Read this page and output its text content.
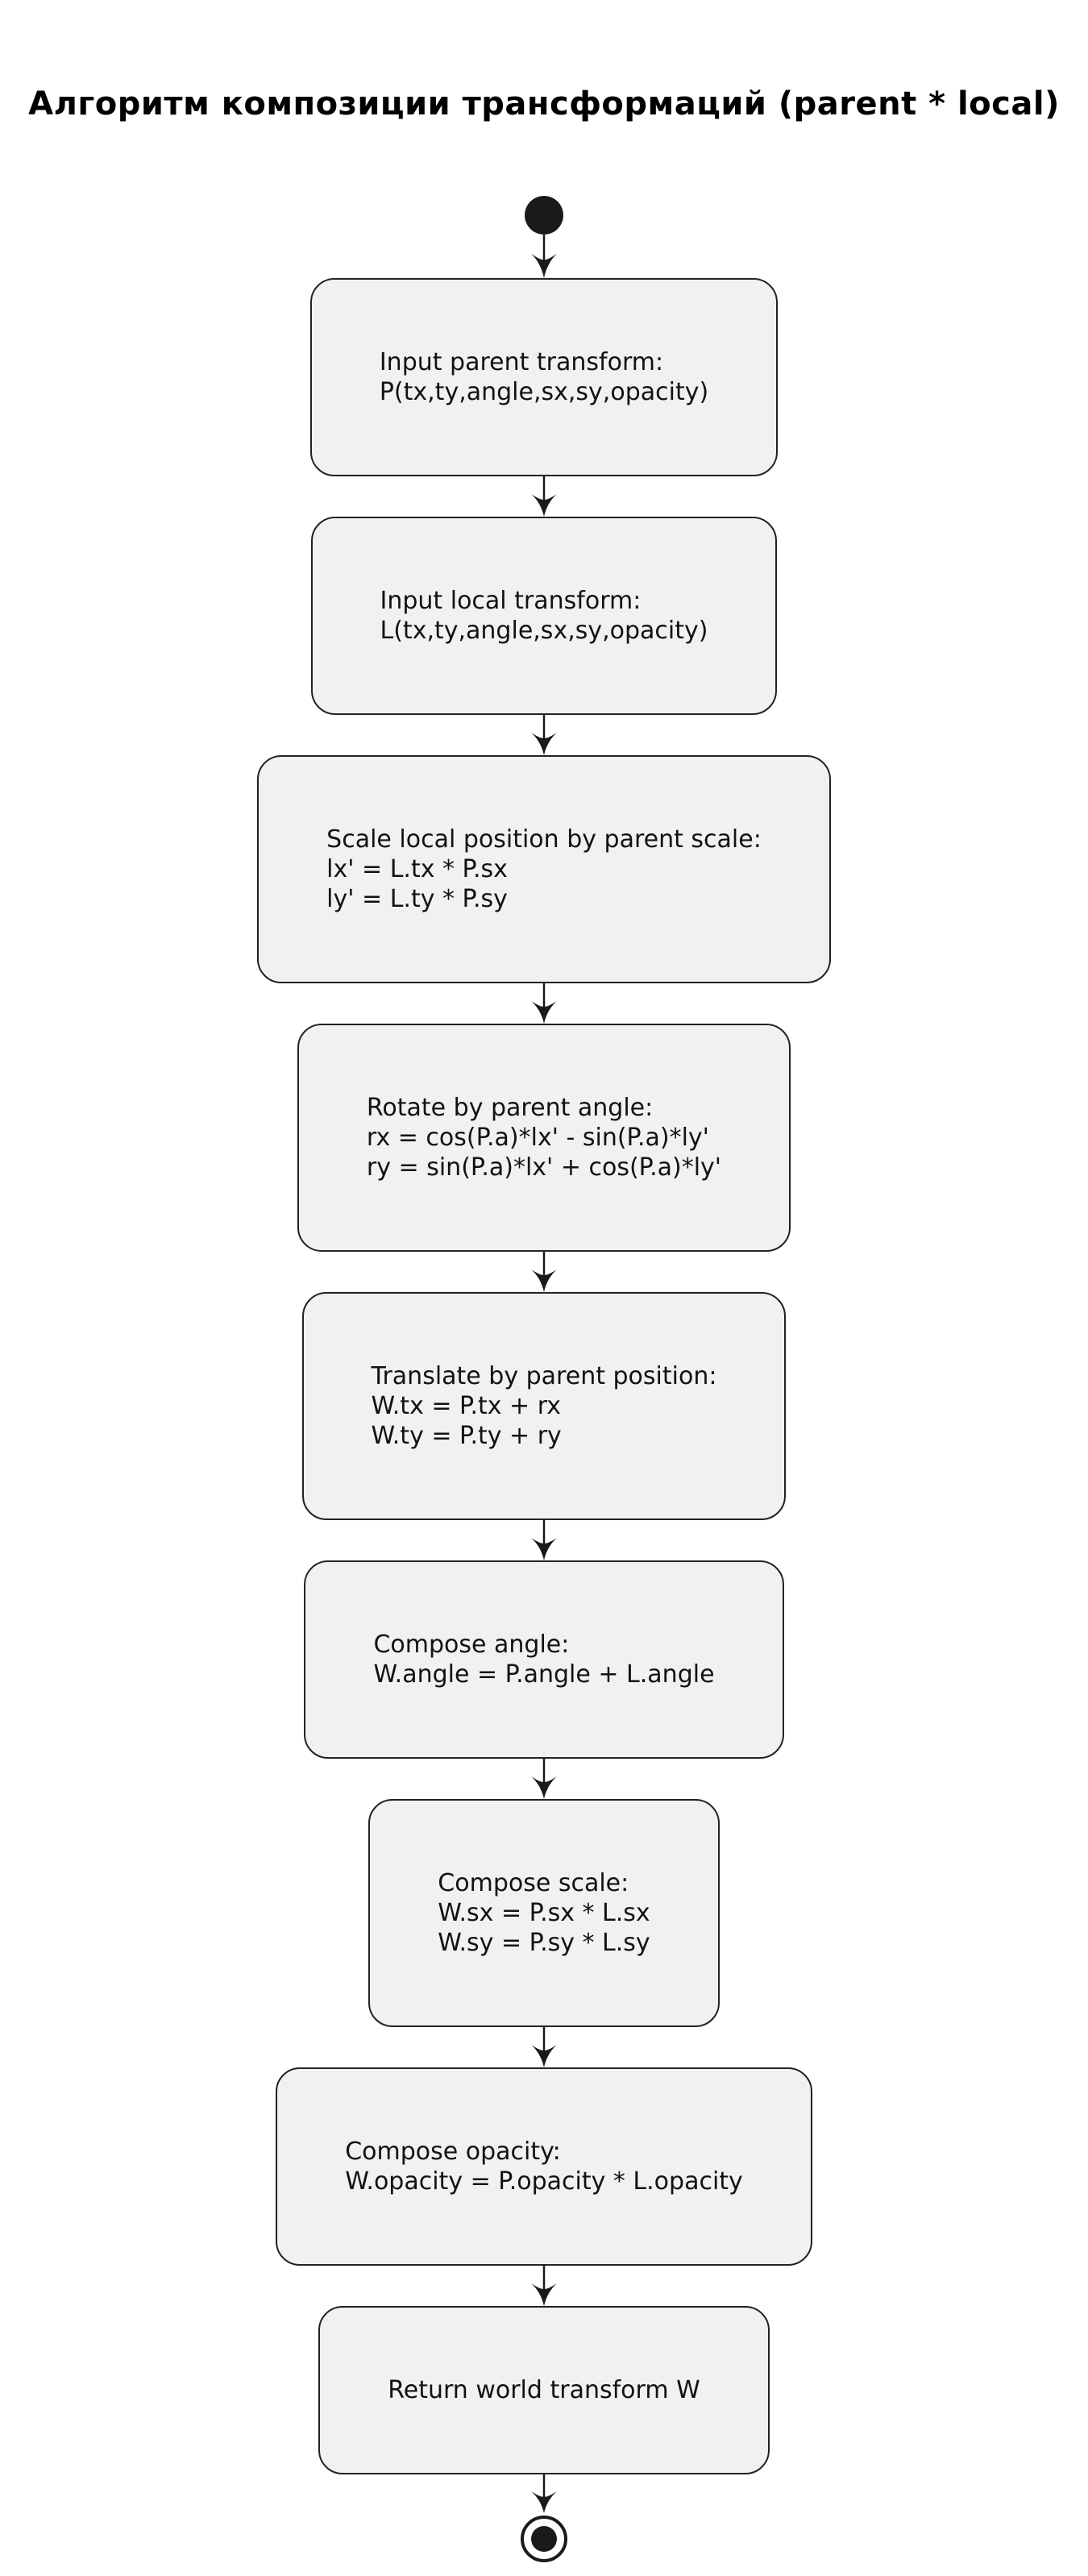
Алгоритм композиции трансформаций (parent * local)
Input parent transform:
P(tx,ty,angle,sx,sy,opacity)
Input local transform:
L(tx,ty,angle,sx,sy,opacity)
Scale local position by parent scale:
lx' = L.tx * P.sx
ly' = L.ty * P.sy
Rotate by parent angle:
rx = cos(P.a)*lx' - sin(P.a)*ly'
ry = sin(P.a)*lx' + cos(P.a)*ly'
Translate by parent position:
W.tx = P.tx + rx
W.ty = P.ty + ry
Compose angle:
W.angle = P.angle + L.angle
Compose scale:
W.sx = P.sx * L.sx
W.sy = P.sy * L.sy
Compose opacity:
W.opacity = P.opacity * L.opacity
Return world transform W
